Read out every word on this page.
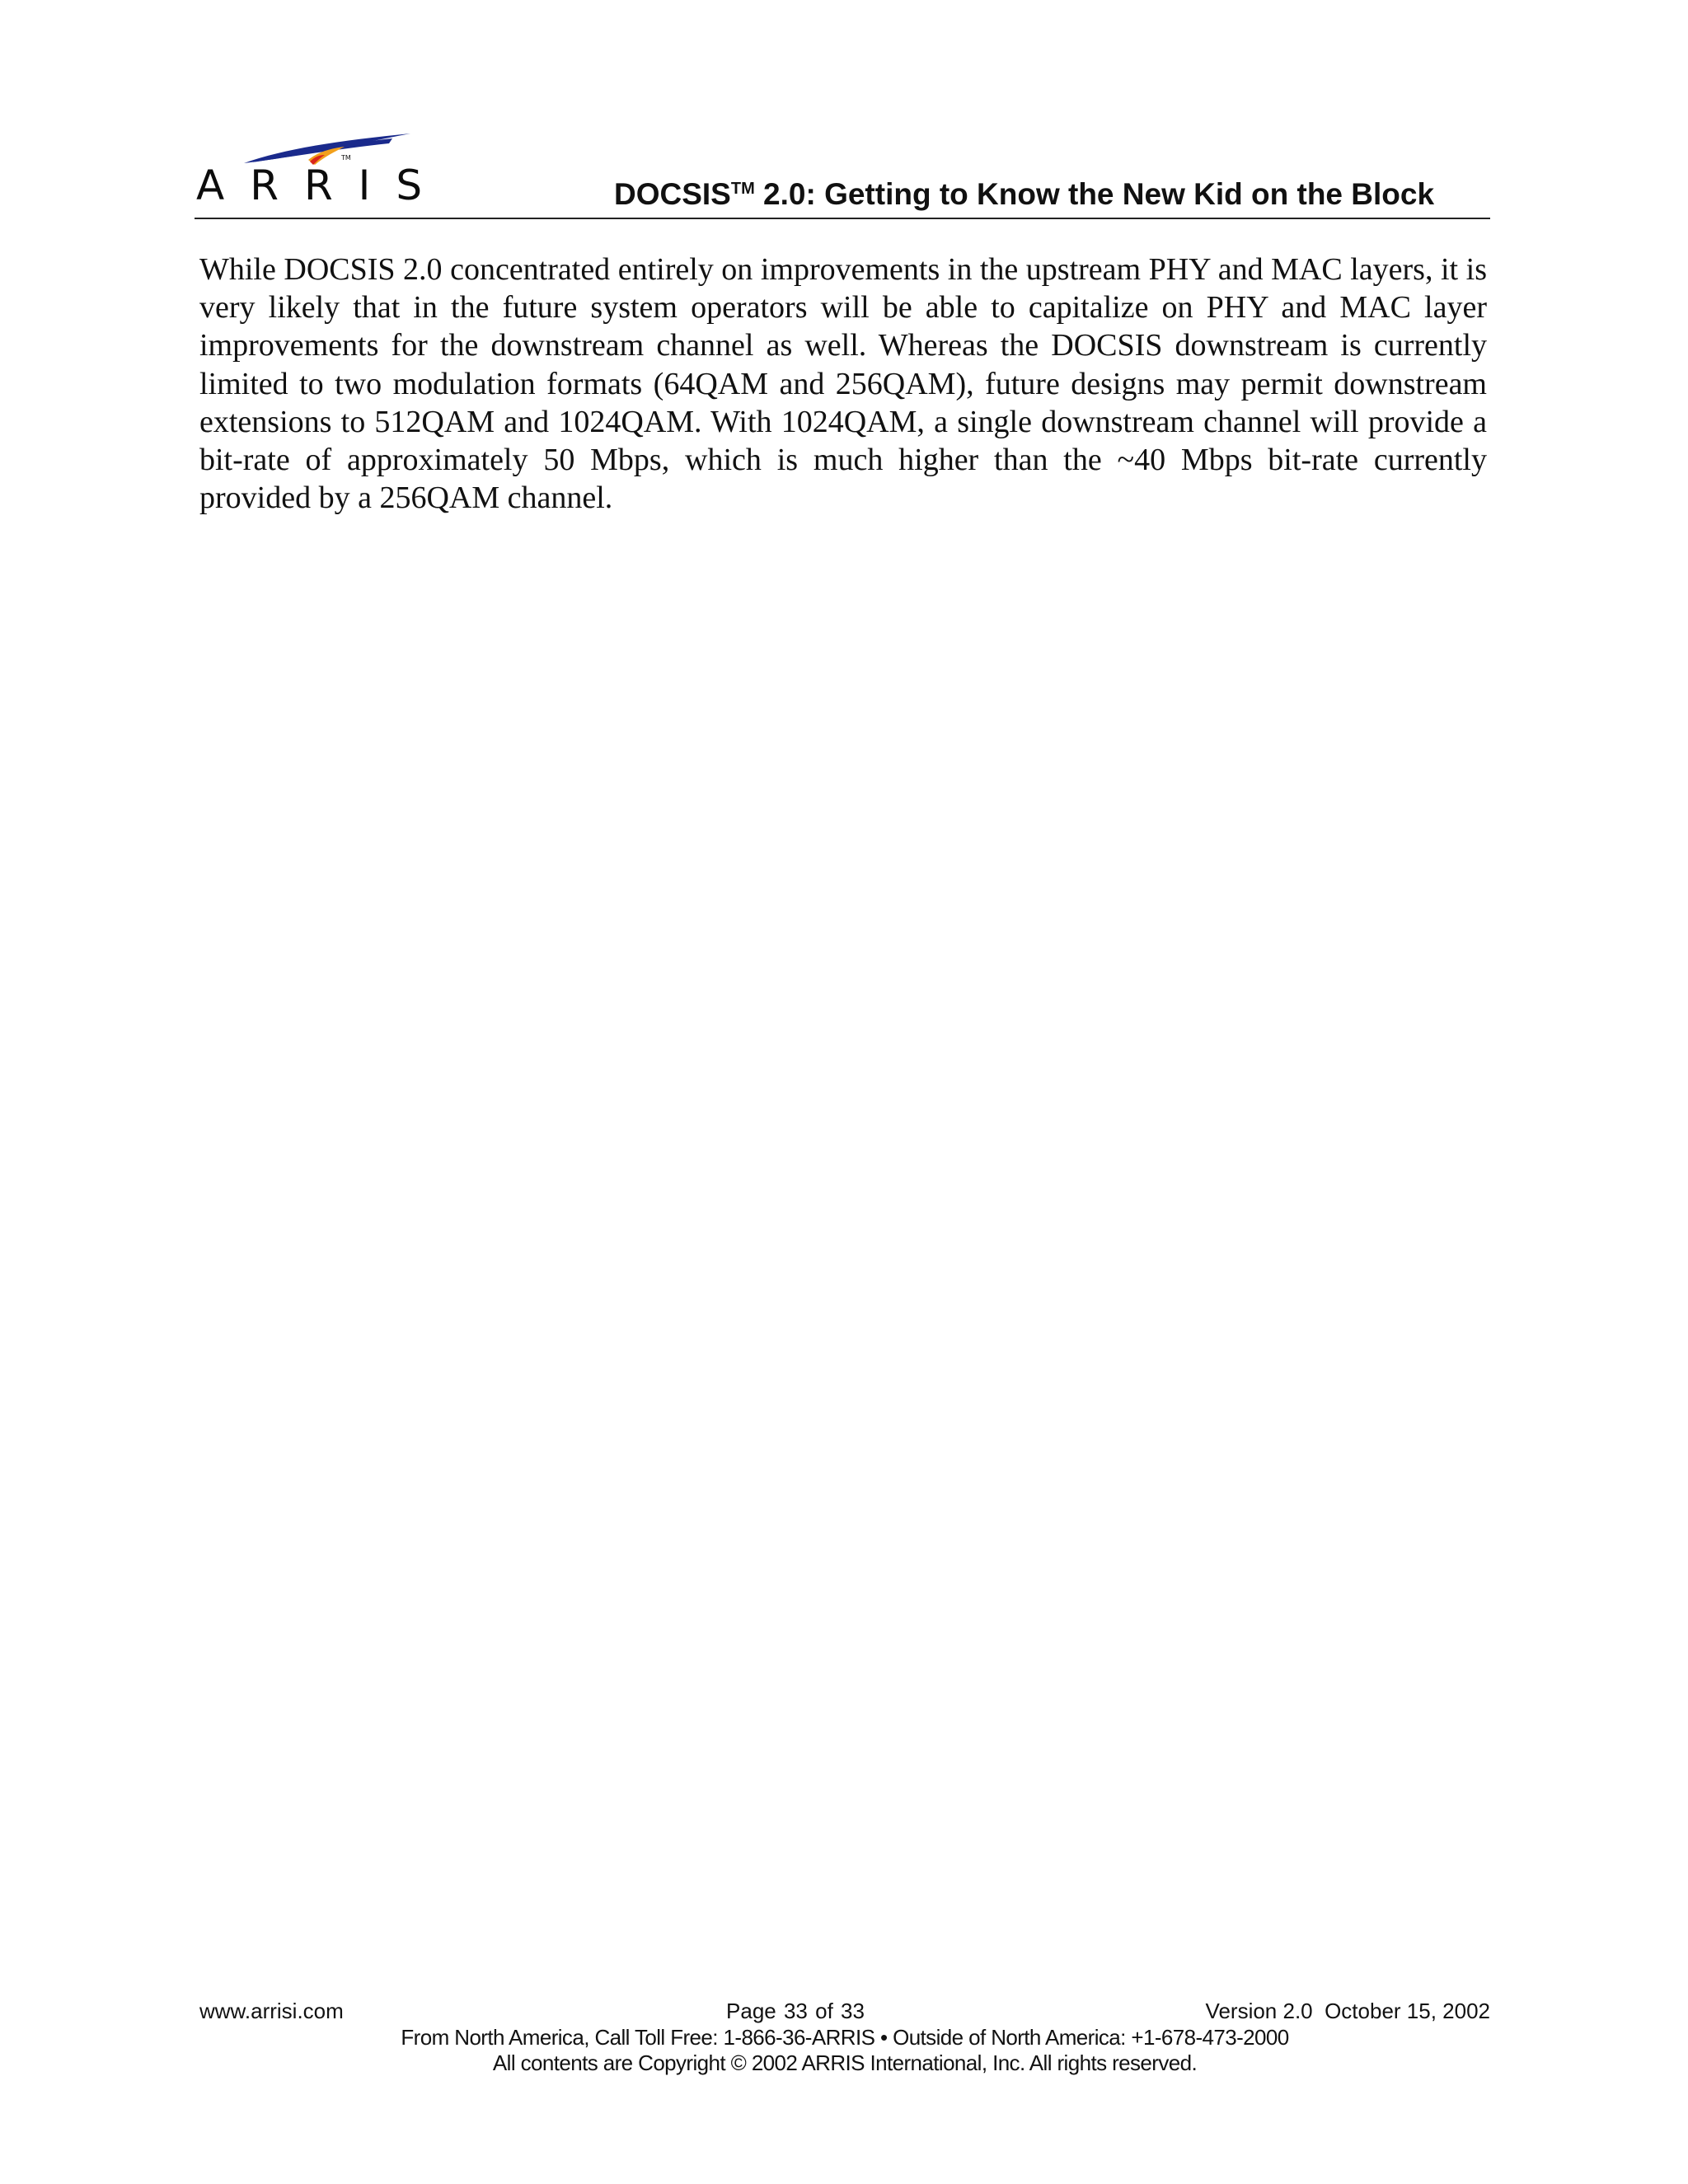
TM
ARRIS	DOCSIS™ 2.0: Getting to Know the New Kid on the Block

While DOCSIS 2.0 concentrated entirely on improvements in the upstream PHY and MAC layers, it is very likely that in the future system operators will be able to capitalize on PHY and MAC layer improvements for the downstream channel as well. Whereas the DOCSIS downstream is currently limited to two modulation formats (64QAM and 256QAM), future designs may permit downstream extensions to 512QAM and 1024QAM. With 1024QAM, a single downstream channel will provide a bit-rate of approximately 50 Mbps, which is much higher than the ~40 Mbps bit-rate currently provided by a 256QAM channel.

www.arrisi.com	Page 33 of 33	Version 2.0  October 15, 2002
From North America, Call Toll Free: 1-866-36-ARRIS • Outside of North America: +1-678-473-2000
All contents are Copyright © 2002 ARRIS International, Inc. All rights reserved.
